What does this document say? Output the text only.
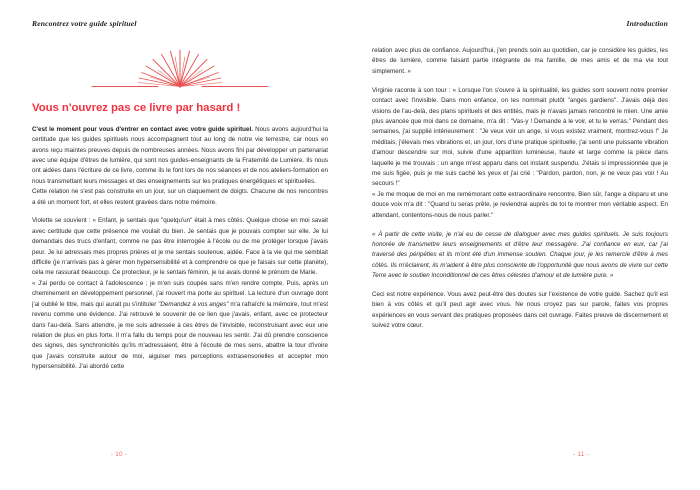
Rencontrez votre guide spirituel
Vous n'ouvrez pas ce livre par hasard !

C'est le moment pour vous d'entrer en contact avec votre guide spirituel. Nous avons aujourd'hui la certitude que les guides spirituels nous accompagnent tout au long de notre vie terrestre, car nous en avons reçu maintes preuves depuis de nombreuses années. Nous avons fini par développer un partenariat avec une équipe d'êtres de lumière, qui sont nos guides-enseignants de la Fraternité de Lumière. Ils nous ont aidées dans l'écriture de ce livre, comme ils le font lors de nos séances et de nos ateliers-formation en nous transmettant leurs messages et des enseignements sur les pratiques énergétiques et spirituelles.

Cette relation ne s'est pas construite en un jour, sur un claquement de doigts. Chacune de nos rencontres a été un moment fort, et elles restent gravées dans notre mémoire.

Violette se souvient : « Enfant, je sentais que "quelqu'un" était à mes côtés. Quelque chose en moi savait avec certitude que cette présence me voulait du bien. Je sentais que je pouvais compter sur elle. Je lui demandais des trucs d'enfant, comme ne pas être interrogée à l'école ou de me protéger lorsque j'avais peur. Je lui adressais mes propres prières et je me sentais soutenue, aidée. Face à la vie qui me semblait difficile (je n'arrivais pas à gérer mon hypersensibilité et à comprendre ce que je faisais sur cette planète), cela me rassurait beaucoup. Ce protecteur, je le sentais féminin, je lui avais donné le prénom de Marie.

« J'ai perdu ce contact à l'adolescence ; je m'en suis coupée sans m'en rendre compte. Puis, après un cheminement en développement personnel, j'ai rouvert ma porte au spirituel. La lecture d'un ouvrage dont j'ai oublié le titre, mais qui aurait pu s'intituler "Demandez à vos anges" m'a rafraîchi la mémoire, tout m'est revenu comme une évidence. J'ai retrouvé le souvenir de ce lien que j'avais, enfant, avec ce protecteur dans l'au-delà. Sans attendre, je me suis adressée à ces êtres de l'invisible, reconstruisant avec eux une relation de plus en plus forte. Il m'a fallu du temps pour de nouveau les sentir. J'ai dû prendre conscience des signes, des synchronicités qu'ils m'adressaient, être à l'écoute de mes sens, abattre la tour d'ivoire que j'avais construite autour de moi, aiguiser mes perceptions extrasensorielles et accepter mon hypersensibilité. J'ai abordé cette

- 10 -
Introduction

relation avec plus de confiance. Aujourd'hui, j'en prends soin au quotidien, car je considère les guides, les êtres de lumière, comme faisant partie intégrante de ma famille, de mes amis et de ma vie tout simplement. »

Virginie raconte à son tour : « Lorsque l'on s'ouvre à la spiritualité, les guides sont souvent notre premier contact avec l'invisible. Dans mon enfance, on les nommait plutôt "anges gardiens". J'avais déjà des visions de l'au-delà, des plans spirituels et des entités, mais je n'avais jamais rencontré le mien. Une amie plus avancée que moi dans ce domaine, m'a dit : "Vas-y ! Demande à le voir, et tu le verras." Pendant des semaines, j'ai supplié intérieurement : "Je veux voir un ange, si vous existez vraiment, montrez-vous !" Je méditais, j'élevais mes vibrations et, un jour, lors d'une pratique spirituelle, j'ai senti une puissante vibration d'amour descendre sur moi, suivie d'une apparition lumineuse, haute et large comme la pièce dans laquelle je me trouvais : un ange m'est apparu dans cet instant suspendu. J'étais si impressionnée que je me suis figée, puis je me suis caché les yeux et j'ai crié : "Pardon, pardon, non, je ne veux pas voir ! Au secours !"

« Je me moque de moi en me remémorant cette extraordinaire rencontre. Bien sûr, l'ange a disparu et une douce voix m'a dit : "Quand tu seras prête, je reviendrai auprès de toi te montrer mon véritable aspect. En attendant, contentons-nous de nous parler."

« À partir de cette visite, je n'ai eu de cesse de dialoguer avec mes guides spirituels. Je suis toujours honorée de transmettre leurs enseignements et d'être leur messagère. J'ai confiance en eux, car j'ai traversé des péripéties et ils m'ont été d'un immense soutien. Chaque jour, je les remercie d'être à mes côtés. Ils m'éclairent, ils m'aident à être plus consciente de l'opportunité que nous avons de vivre sur cette Terre avec le soutien inconditionnel de ces êtres célestes d'amour et de lumière pure. »

Ceci est notre expérience. Vous avez peut-être des doutes sur l'existence de votre guide. Sachez qu'il est bien à vos côtés et qu'il peut agir avec vous. Ne nous croyez pas sur parole, faites vos propres expériences en vous servant des pratiques proposées dans cet ouvrage. Faites preuve de discernement et suivez votre cœur.

- 11 -
